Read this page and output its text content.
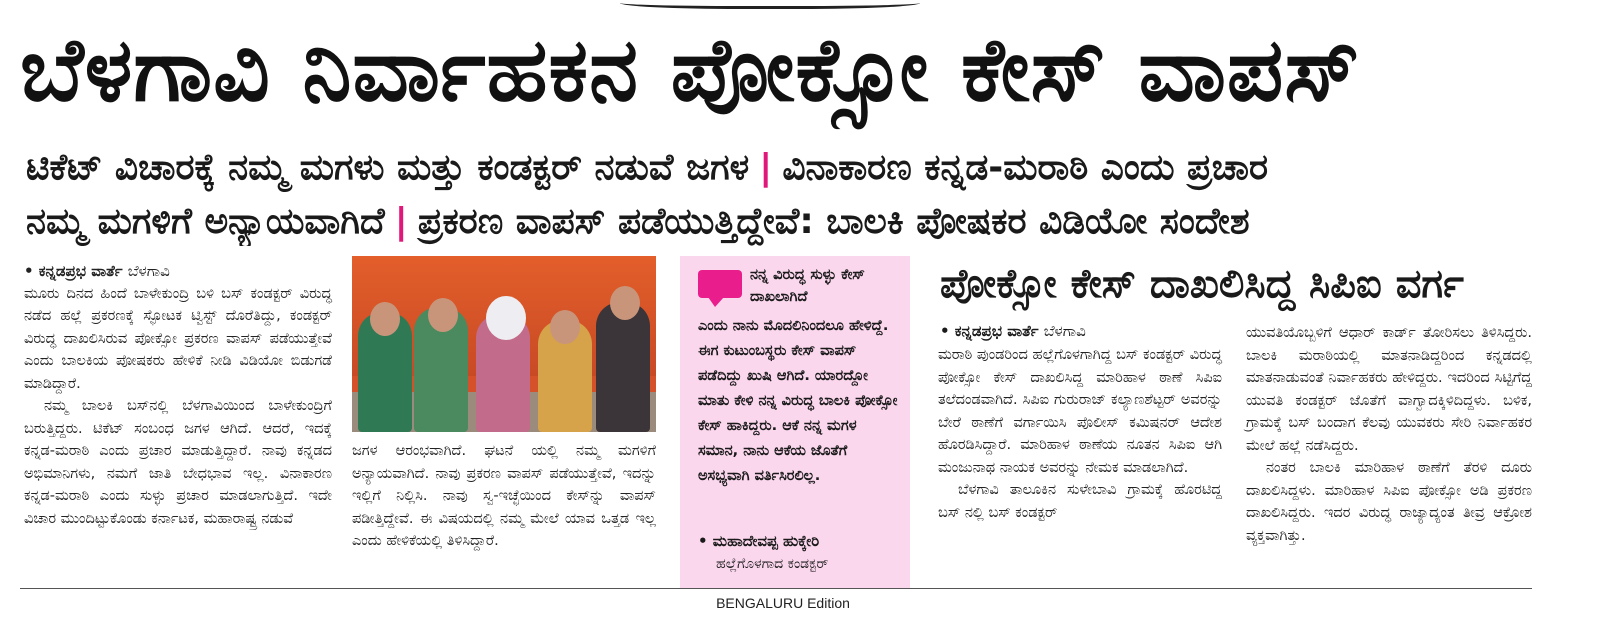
ಬೆಳಗಾವಿ ನಿರ್ವಾಹಕನ ಪೋಕ್ಸೋ ಕೇಸ್ ವಾಪಸ್
ಟಿಕೆಟ್ ವಿಚಾರಕ್ಕೆ ನಮ್ಮ ಮಗಳು ಮತ್ತು ಕಂಡಕ್ಟರ್ ನಡುವೆ ಜಗಳ | ವಿನಾಕಾರಣ ಕನ್ನಡ-ಮರಾಠಿ ಎಂದು ಪ್ರಚಾರ
ನಮ್ಮ ಮಗಳಿಗೆ ಅನ್ಯಾಯವಾಗಿದೆ | ಪ್ರಕರಣ ವಾಪಸ್ ಪಡೆಯುತ್ತಿದ್ದೇವೆ: ಬಾಲಕಿ ಪೋಷಕರ ವಿಡಿಯೋ ಸಂದೇಶ

• ಕನ್ನಡಪ್ರಭ ವಾರ್ತೆ ಬೆಳಗಾವಿ

ಮೂರು ದಿನದ ಹಿಂದೆ ಬಾಳೇಕುಂದ್ರಿ ಬಳಿ ಬಸ್ ಕಂಡಕ್ಟರ್ ವಿರುದ್ಧ ನಡೆದ ಹಲ್ಲೆ ಪ್ರಕರಣಕ್ಕೆ ಸ್ಫೋಟಕ ಟ್ವಿಸ್ಟ್ ದೊರೆತಿದ್ದು, ಕಂಡಕ್ಟರ್ ವಿರುದ್ಧ ದಾಖಲಿಸಿರುವ ಪೋಕ್ಸೋ ಪ್ರಕರಣ ವಾಪಸ್ ಪಡೆಯುತ್ತೇವೆ ಎಂದು ಬಾಲಕಿಯ ಪೋಷಕರು ಹೇಳಿಕೆ ನೀಡಿ ವಿಡಿಯೋ ಬಿಡುಗಡೆ ಮಾಡಿದ್ದಾರೆ.

ನಮ್ಮ ಬಾಲಕಿ ಬಸ್‌ನಲ್ಲಿ ಬೆಳಗಾವಿಯಿಂದ ಬಾಳೇಕುಂದ್ರಿಗೆ ಬರುತ್ತಿದ್ದರು. ಟಿಕೆಟ್ ಸಂಬಂಧ ಜಗಳ ಆಗಿದೆ. ಆದರೆ, ಇದಕ್ಕೆ ಕನ್ನಡ-ಮರಾಠಿ ಎಂದು ಪ್ರಚಾರ ಮಾಡುತ್ತಿದ್ದಾರೆ. ನಾವು ಕನ್ನಡದ ಅಭಿಮಾನಿಗಳು, ನಮಗೆ ಜಾತಿ ಬೇಧಭಾವ ಇಲ್ಲ. ವಿನಾಕಾರಣ ಕನ್ನಡ-ಮರಾಠಿ ಎಂದು ಸುಳ್ಳು ಪ್ರಚಾರ ಮಾಡಲಾಗುತ್ತಿದೆ. ಇದೇ ವಿಚಾರ ಮುಂದಿಟ್ಟುಕೊಂಡು ಕರ್ನಾಟಕ, ಮಹಾರಾಷ್ಟ್ರ ನಡುವೆ

ಜಗಳ ಆರಂಭವಾಗಿದೆ. ಘಟನೆ ಯಲ್ಲಿ ನಮ್ಮ ಮಗಳಿಗೆ ಅನ್ಯಾಯವಾಗಿದೆ. ನಾವು ಪ್ರಕರಣ ವಾಪಸ್ ಪಡೆಯುತ್ತೇವೆ, ಇದನ್ನು ಇಲ್ಲಿಗೆ ನಿಲ್ಲಿಸಿ. ನಾವು ಸ್ವ-ಇಚ್ಛೆಯಿಂದ ಕೇಸ್‌ನ್ನು ವಾಪಸ್ ಪಡೀತ್ತಿದ್ದೇವೆ. ಈ ವಿಷಯದಲ್ಲಿ ನಮ್ಮ ಮೇಲೆ ಯಾವ ಒತ್ತಡ ಇಲ್ಲ ಎಂದು ಹೇಳಿಕೆಯಲ್ಲಿ ತಿಳಿಸಿದ್ದಾರೆ.

ನನ್ನ ವಿರುದ್ಧ ಸುಳ್ಳು ಕೇಸ್ ದಾಖಲಾಗಿದೆ
ಎಂದು ನಾನು ಮೊದಲಿನಿಂದಲೂ ಹೇಳಿದ್ದೆ. ಈಗ ಕುಟುಂಬಸ್ಥರು ಕೇಸ್ ವಾಪಸ್ ಪಡೆದಿದ್ದು ಖುಷಿ ಆಗಿದೆ. ಯಾರದ್ದೋ ಮಾತು ಕೇಳಿ ನನ್ನ ವಿರುದ್ಧ ಬಾಲಕಿ ಪೋಕ್ಸೋ ಕೇಸ್ ಹಾಕಿದ್ದರು. ಆಕೆ ನನ್ನ ಮಗಳ ಸಮಾನ, ನಾನು ಆಕೆಯ ಜೊತೆಗೆ ಅಸಭ್ಯವಾಗಿ ವರ್ತಿಸಿರಲಿಲ್ಲ.
• ಮಹಾದೇವಪ್ಪ ಹುಕ್ಕೇರಿ
ಹಲ್ಲೆಗೊಳಗಾದ ಕಂಡಕ್ಟರ್
ಪೋಕ್ಸೋ ಕೇಸ್ ದಾಖಲಿಸಿದ್ದ ಸಿಪಿಐ ವರ್ಗ
• ಕನ್ನಡಪ್ರಭ ವಾರ್ತೆ ಬೆಳಗಾವಿ

ಮರಾಠಿ ಪುಂಡರಿಂದ ಹಲ್ಲೆಗೊಳಗಾಗಿದ್ದ ಬಸ್ ಕಂಡಕ್ಟರ್ ವಿರುದ್ಧ ಪೋಕ್ಸೋ ಕೇಸ್ ದಾಖಲಿಸಿದ್ದ ಮಾರಿಹಾಳ ಠಾಣೆ ಸಿಪಿಐ ತಲೆದಂಡವಾಗಿದೆ. ಸಿಪಿಐ ಗುರುರಾಜ್ ಕಲ್ಯಾಣಶೆಟ್ಟರ್ ಅವರನ್ನು ಬೇರೆ ಠಾಣೆಗೆ ವರ್ಗಾಯಿಸಿ ಪೊಲೀಸ್ ಕಮಿಷನರ್ ಆದೇಶ ಹೊರಡಿಸಿದ್ದಾರೆ. ಮಾರಿಹಾಳ ಠಾಣೆಯ ನೂತನ ಸಿಪಿಐ ಆಗಿ ಮಂಜುನಾಥ ನಾಯಕ ಅವರನ್ನು ನೇಮಕ ಮಾಡಲಾಗಿದೆ.

ಬೆಳಗಾವಿ ತಾಲೂಕಿನ ಸುಳೇಬಾವಿ ಗ್ರಾಮಕ್ಕೆ ಹೊರಟಿದ್ದ ಬಸ್ ನಲ್ಲಿ ಬಸ್ ಕಂಡಕ್ಟರ್

ಯುವತಿಯೊಬ್ಬಳಿಗೆ ಆಧಾರ್ ಕಾರ್ಡ್ ತೋರಿಸಲು ತಿಳಿಸಿದ್ದರು. ಬಾಲಕಿ ಮರಾಠಿಯಲ್ಲಿ ಮಾತನಾಡಿದ್ದರಿಂದ ಕನ್ನಡದಲ್ಲಿ ಮಾತನಾಡುವಂತೆ ನಿರ್ವಾಹಕರು ಹೇಳಿದ್ದರು. ಇದರಿಂದ ಸಿಟ್ಟಿಗೆದ್ದ ಯುವತಿ ಕಂಡಕ್ಟರ್ ಜೊತೆಗೆ ವಾಗ್ವಾದಕ್ಕಿಳಿದಿದ್ದಳು. ಬಳಿಕ, ಗ್ರಾಮಕ್ಕೆ ಬಸ್ ಬಂದಾಗ ಕೆಲವು ಯುವಕರು ಸೇರಿ ನಿರ್ವಾಹಕರ ಮೇಲೆ ಹಲ್ಲೆ ನಡೆಸಿದ್ದರು.

ನಂತರ ಬಾಲಕಿ ಮಾರಿಹಾಳ ಠಾಣೆಗೆ ತೆರಳಿ ದೂರು ದಾಖಲಿಸಿದ್ದಳು. ಮಾರಿಹಾಳ ಸಿಪಿಐ ಪೋಕ್ಸೋ ಅಡಿ ಪ್ರಕರಣ ದಾಖಲಿಸಿದ್ದರು. ಇದರ ವಿರುದ್ಧ ರಾಜ್ಯಾದ್ಯಂತ ತೀವ್ರ ಆಕ್ರೋಶ ವ್ಯಕ್ತವಾಗಿತ್ತು.

BENGALURU Edition
